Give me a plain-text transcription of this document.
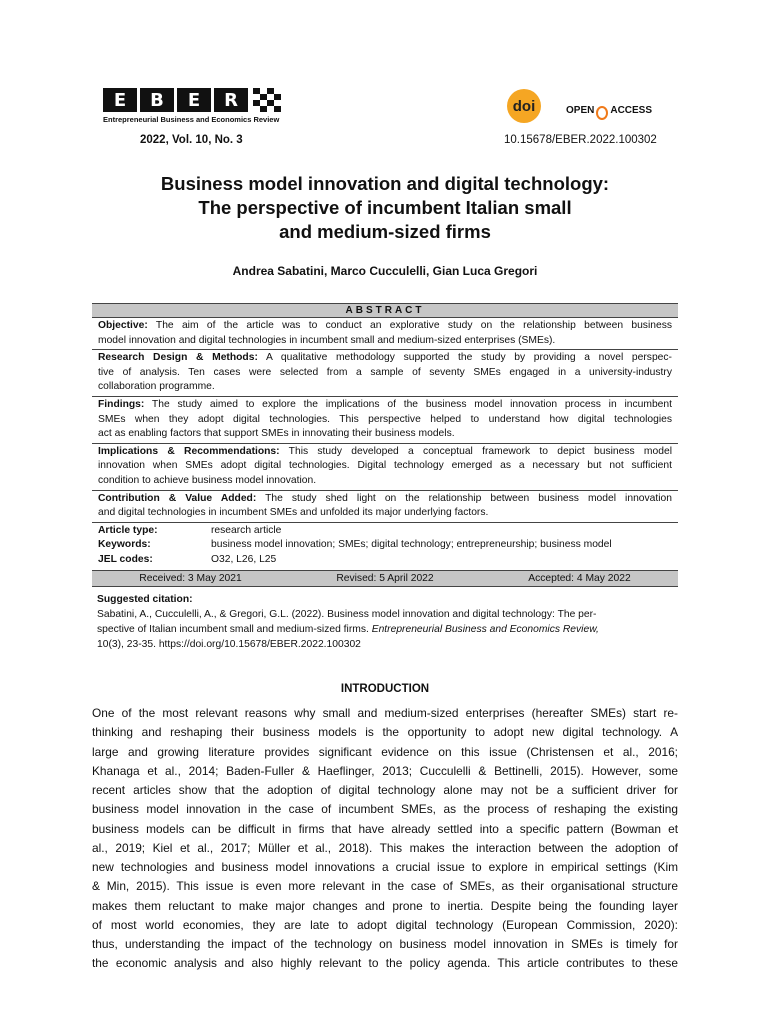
E	B	E	R
Entrepreneurial Business and Economics Review
2022, Vol. 10, No. 3
doi	OPEN ACCESS
10.15678/EBER.2022.100302
Business model innovation and digital technology:
The perspective of incumbent Italian small
and medium-sized firms
Andrea Sabatini, Marco Cucculelli, Gian Luca Gregori
ABSTRACT
Objective: The aim of the article was to conduct an explorative study on the relationship between business
model innovation and digital technologies in incumbent small and medium-sized enterprises (SMEs).
Research Design & Methods: A qualitative methodology supported the study by providing a novel perspec-
tive of analysis. Ten cases were selected from a sample of seventy SMEs engaged in a university-industry
collaboration programme.
Findings: The study aimed to explore the implications of the business model innovation process in incumbent
SMEs when they adopt digital technologies. This perspective helped to understand how digital technologies
act as enabling factors that support SMEs in innovating their business models.
Implications & Recommendations: This study developed a conceptual framework to depict business model
innovation when SMEs adopt digital technologies. Digital technology emerged as a necessary but not sufficient
condition to achieve business model innovation.
Contribution & Value Added: The study shed light on the relationship between business model innovation
and digital technologies in incumbent SMEs and unfolded its major underlying factors.
Article type:	research article
Keywords:	business model innovation; SMEs; digital technology; entrepreneurship; business model
JEL codes:	O32, L26, L25
Received: 3 May 2021	Revised: 5 April 2022	Accepted: 4 May 2022
Suggested citation:
Sabatini, A., Cucculelli, A., & Gregori, G.L. (2022). Business model innovation and digital technology: The per-
spective of Italian incumbent small and medium-sized firms. Entrepreneurial Business and Economics Review,
10(3), 23-35. https://doi.org/10.15678/EBER.2022.100302
INTRODUCTION
One of the most relevant reasons why small and medium-sized enterprises (hereafter SMEs) start re-
thinking and reshaping their business models is the opportunity to adopt new digital technology. A
large and growing literature provides significant evidence on this issue (Christensen et al., 2016;
Khanaga et al., 2014; Baden-Fuller & Haeflinger, 2013; Cucculelli & Bettinelli, 2015). However, some
recent articles show that the adoption of digital technology alone may not be a sufficient driver for
business model innovation in the case of incumbent SMEs, as the process of reshaping the existing
business models can be difficult in firms that have already settled into a specific pattern (Bowman et
al., 2019; Kiel et al., 2017; Müller et al., 2018). This makes the interaction between the adoption of
new technologies and business model innovations a crucial issue to explore in empirical settings (Kim
& Min, 2015). This issue is even more relevant in the case of SMEs, as their organisational structure
makes them reluctant to make major changes and prone to inertia. Despite being the founding layer
of most world economies, they are late to adopt digital technology (European Commission, 2020):
thus, understanding the impact of the technology on business model innovation in SMEs is timely for
the economic analysis and also highly relevant to the policy agenda. This article contributes to these
